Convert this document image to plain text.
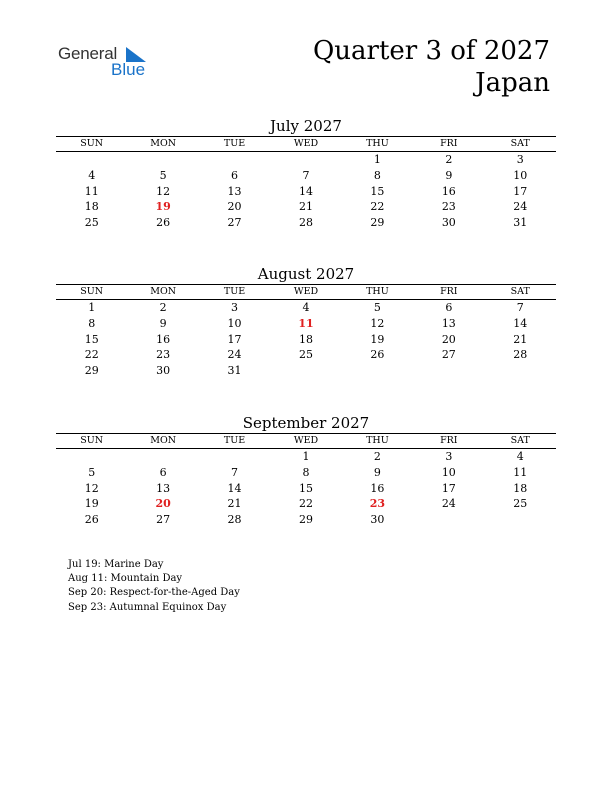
General
Blue
Quarter 3 of 2027
Japan
July 2027
SUN	MON	TUE	WED	THU	FRI	SAT
				1	2	3
4	5	6	7	8	9	10
11	12	13	14	15	16	17
18	19	20	21	22	23	24
25	26	27	28	29	30	31
August 2027
SUN	MON	TUE	WED	THU	FRI	SAT
1	2	3	4	5	6	7
8	9	10	11	12	13	14
15	16	17	18	19	20	21
22	23	24	25	26	27	28
29	30	31				
September 2027
SUN	MON	TUE	WED	THU	FRI	SAT
			1	2	3	4
5	6	7	8	9	10	11
12	13	14	15	16	17	18
19	20	21	22	23	24	25
26	27	28	29	30		
Jul 19: Marine Day
Aug 11: Mountain Day
Sep 20: Respect-for-the-Aged Day
Sep 23: Autumnal Equinox Day
